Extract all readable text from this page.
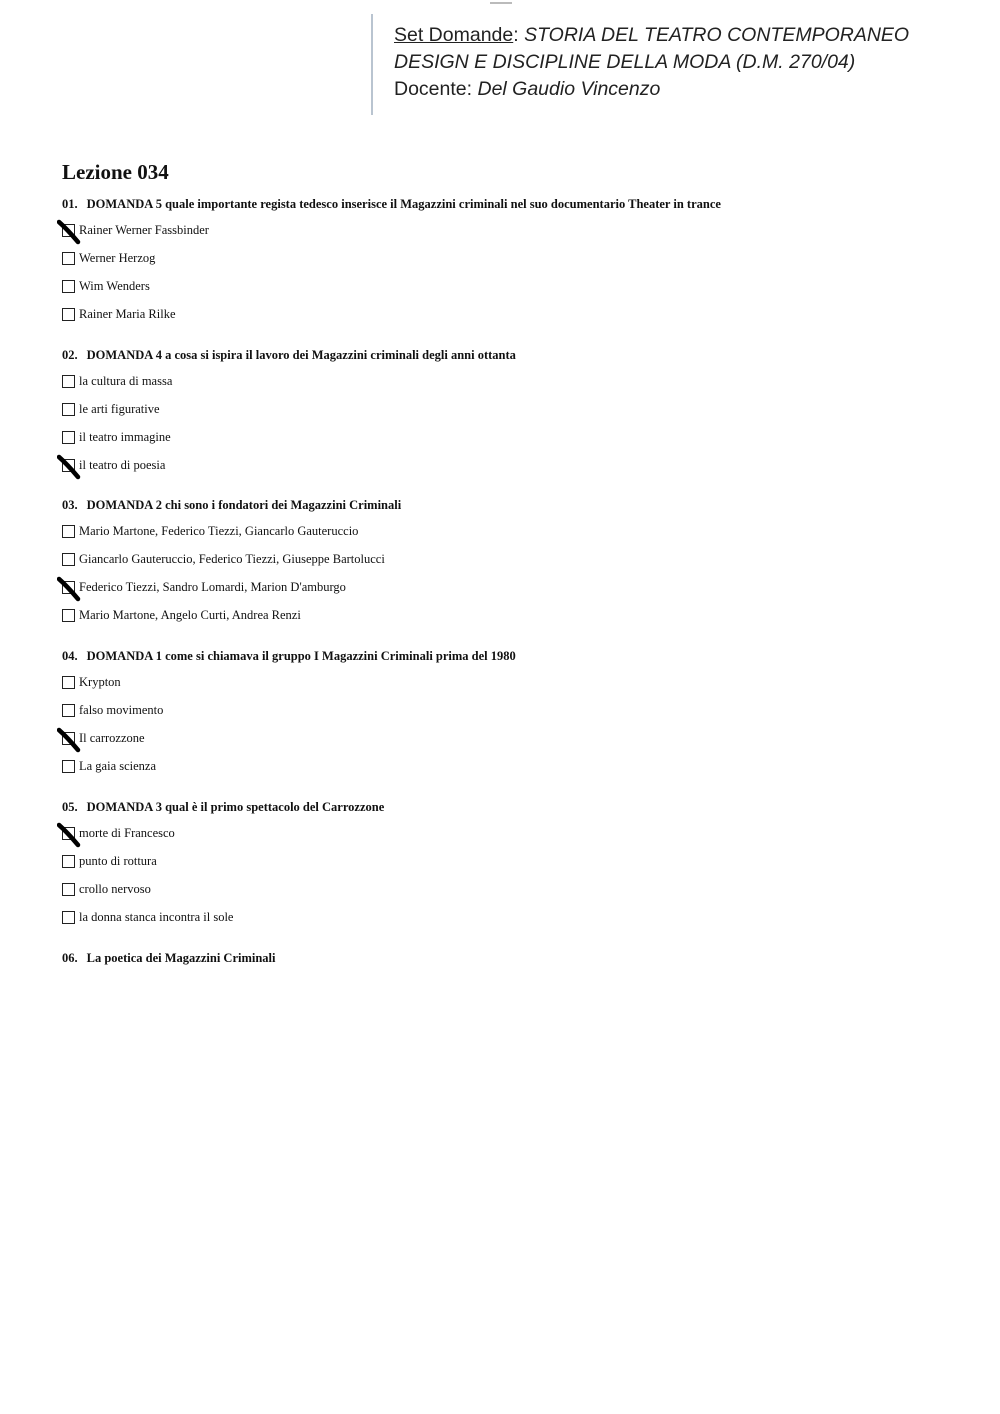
Set Domande: STORIA DEL TEATRO CONTEMPORANEO
DESIGN E DISCIPLINE DELLA MODA (D.M. 270/04)
Docente: Del Gaudio Vincenzo
Lezione 034

01. DOMANDA 5 quale importante regista tedesco inserisce il Magazzini criminali nel suo documentario Theater in trance

Rainer Werner Fassbinder
Werner Herzog
Wim Wenders
Rainer Maria Rilke

02. DOMANDA 4 a cosa si ispira il lavoro dei Magazzini criminali degli anni ottanta

la cultura di massa
le arti figurative
il teatro immagine
il teatro di poesia

03. DOMANDA 2 chi sono i fondatori dei Magazzini Criminali

Mario Martone, Federico Tiezzi, Giancarlo Gauteruccio
Giancarlo Gauteruccio, Federico Tiezzi, Giuseppe Bartolucci
Federico Tiezzi, Sandro Lomardi, Marion D'amburgo
Mario Martone, Angelo Curti, Andrea Renzi

04. DOMANDA 1 come si chiamava il gruppo I Magazzini Criminali prima del 1980

Krypton
falso movimento
Il carrozzone
La gaia scienza

05. DOMANDA 3 qual è il primo spettacolo del Carrozzone

morte di Francesco
punto di rottura
crollo nervoso
la donna stanca incontra il sole

06. La poetica dei Magazzini Criminali
